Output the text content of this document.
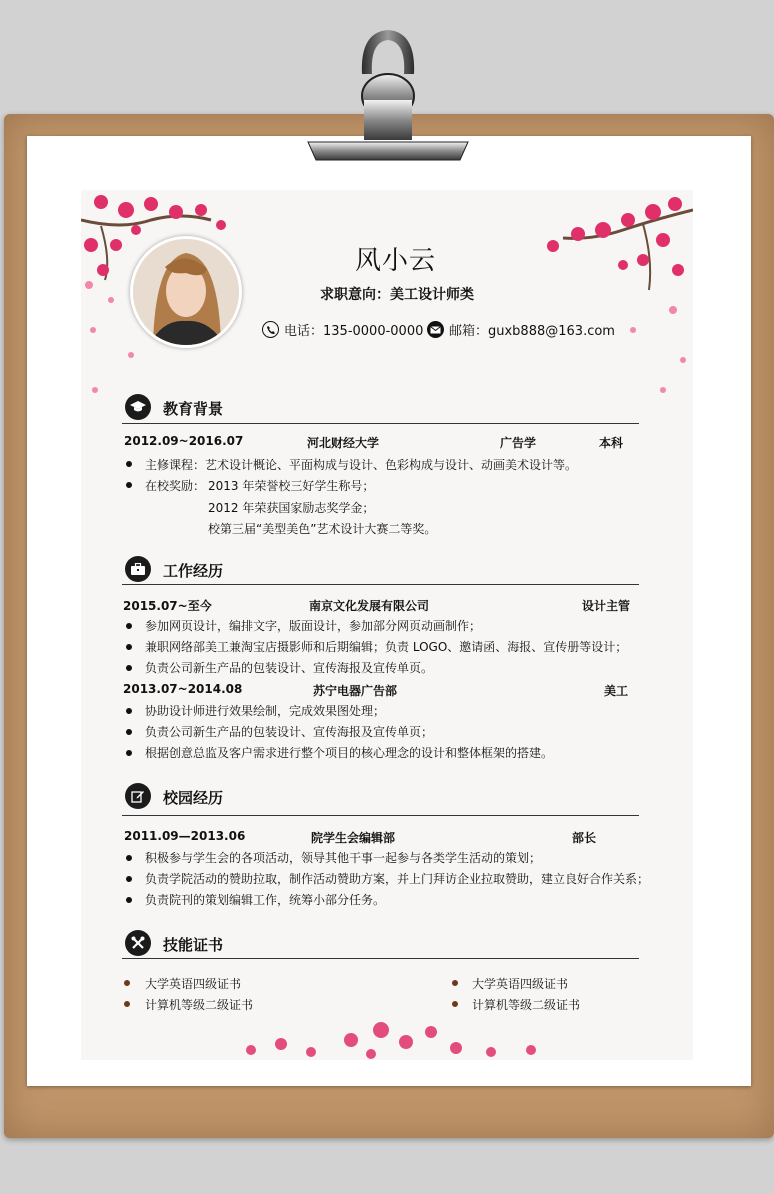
风小云
求职意向：美工设计师类
电话：135-0000-0000 邮箱：guxb888@163.com
教育背景
2012.09~2016.07	河北财经大学	广告学	本科
主修课程：艺术设计概论、平面构成与设计、色彩构成与设计、动画美术设计等。
在校奖励： 2013 年荣誉校三好学生称号；
2012 年荣获国家励志奖学金；
校第三届“美型美色”艺术设计大赛二等奖。
工作经历
2015.07~至今	南京文化发展有限公司	设计主管
参加网页设计，编排文字，版面设计，参加部分网页动画制作；
兼职网络部美工兼淘宝店摄影师和后期编辑；负责 LOGO、邀请函、海报、宣传册等设计；
负责公司新生产品的包装设计、宣传海报及宣传单页。
2013.07~2014.08	苏宁电器广告部	美工
协助设计师进行效果绘制，完成效果图处理；
负责公司新生产品的包装设计、宣传海报及宣传单页；
根据创意总监及客户需求进行整个项目的核心理念的设计和整体框架的搭建。
校园经历
2011.09—2013.06	院学生会编辑部	部长
积极参与学生会的各项活动，领导其他干事一起参与各类学生活动的策划；
负责学院活动的赞助拉取，制作活动赞助方案，并上门拜访企业拉取赞助，建立良好合作关系；
负责院刊的策划编辑工作，统筹小部分任务。
技能证书
大学英语四级证书
计算机等级二级证书
大学英语四级证书
计算机等级二级证书
